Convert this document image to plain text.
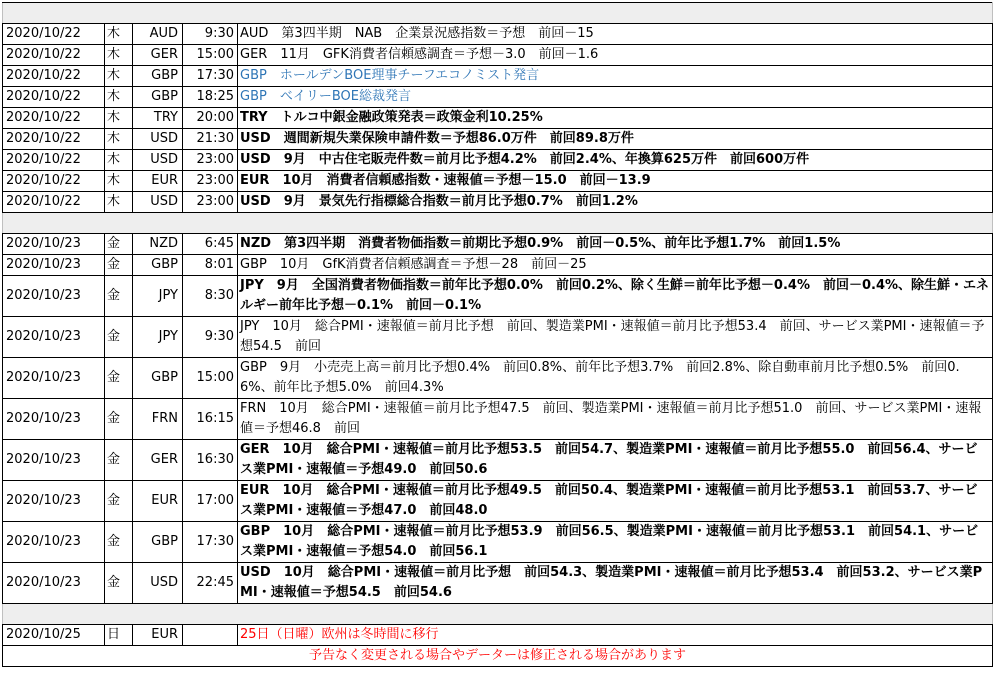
2020/10/22	木	AUD	9:30	AUD　第3四半期　NAB　企業景況感指数＝予想　前回－15
2020/10/22	木	GER	15:00	GER　11月　GFK消費者信頼感調査＝予想－3.0　前回－1.6
2020/10/22	木	GBP	17:30	GBP　ホールデンBOE理事チーフエコノミスト発言
2020/10/22	木	GBP	18:25	GBP　ベイリーBOE総裁発言
2020/10/22	木	TRY	20:00	TRY　トルコ中銀金融政策発表＝政策金利10.25%
2020/10/22	木	USD	21:30	USD　週間新規失業保険申請件数＝予想86.0万件　前回89.8万件
2020/10/22	木	USD	23:00	USD　9月　中古住宅販売件数＝前月比予想4.2%　前回2.4%、年換算625万件　前回600万件
2020/10/22	木	EUR	23:00	EUR　10月　消費者信頼感指数・速報値＝予想－15.0　前回－13.9
2020/10/22	木	USD	23:00	USD　9月　景気先行指標総合指数＝前月比予想0.7%　前回1.2%

2020/10/23	金	NZD	6:45	NZD　第3四半期　消費者物価指数＝前期比予想0.9%　前回－0.5%、前年比予想1.7%　前回1.5%
2020/10/23	金	GBP	8:01	GBP　10月　GfK消費者信頼感調査＝予想－28　前回－25
2020/10/23	金	JPY	8:30	JPY　9月　全国消費者物価指数＝前年比予想0.0%　前回0.2%、除く生鮮＝前年比予想－0.4%　前回－0.4%、除生鮮・エネルギー前年比予想－0.1%　前回－0.1%
2020/10/23	金	JPY	9:30	JPY　10月　総合PMI・速報値＝前月比予想　前回、製造業PMI・速報値＝前月比予想53.4　前回、サービス業PMI・速報値＝予想54.5　前回
2020/10/23	金	GBP	15:00	GBP　9月　小売売上高＝前月比予想0.4%　前回0.8%、前年比予想3.7%　前回2.8%、除自動車前月比予想0.5%　前回0.6%、前年比予想5.0%　前回4.3%
2020/10/23	金	FRN	16:15	FRN　10月　総合PMI・速報値＝前月比予想47.5　前回、製造業PMI・速報値＝前月比予想51.0　前回、サービス業PMI・速報値＝予想46.8　前回
2020/10/23	金	GER	16:30	GER　10月　総合PMI・速報値＝前月比予想53.5　前回54.7、製造業PMI・速報値＝前月比予想55.0　前回56.4、サービス業PMI・速報値＝予想49.0　前回50.6
2020/10/23	金	EUR	17:00	EUR　10月　総合PMI・速報値＝前月比予想49.5　前回50.4、製造業PMI・速報値＝前月比予想53.1　前回53.7、サービス業PMI・速報値＝予想47.0　前回48.0
2020/10/23	金	GBP	17:30	GBP　10月　総合PMI・速報値＝前月比予想53.9　前回56.5、製造業PMI・速報値＝前月比予想53.1　前回54.1、サービス業PMI・速報値＝予想54.0　前回56.1
2020/10/23	金	USD	22:45	USD　10月　総合PMI・速報値＝前月比予想　前回54.3、製造業PMI・速報値＝前月比予想53.4　前回53.2、サービス業PMI・速報値＝予想54.5　前回54.6

2020/10/25	日	EUR		25日（日曜）欧州は冬時間に移行
予告なく変更される場合やデーターは修正される場合があります				
